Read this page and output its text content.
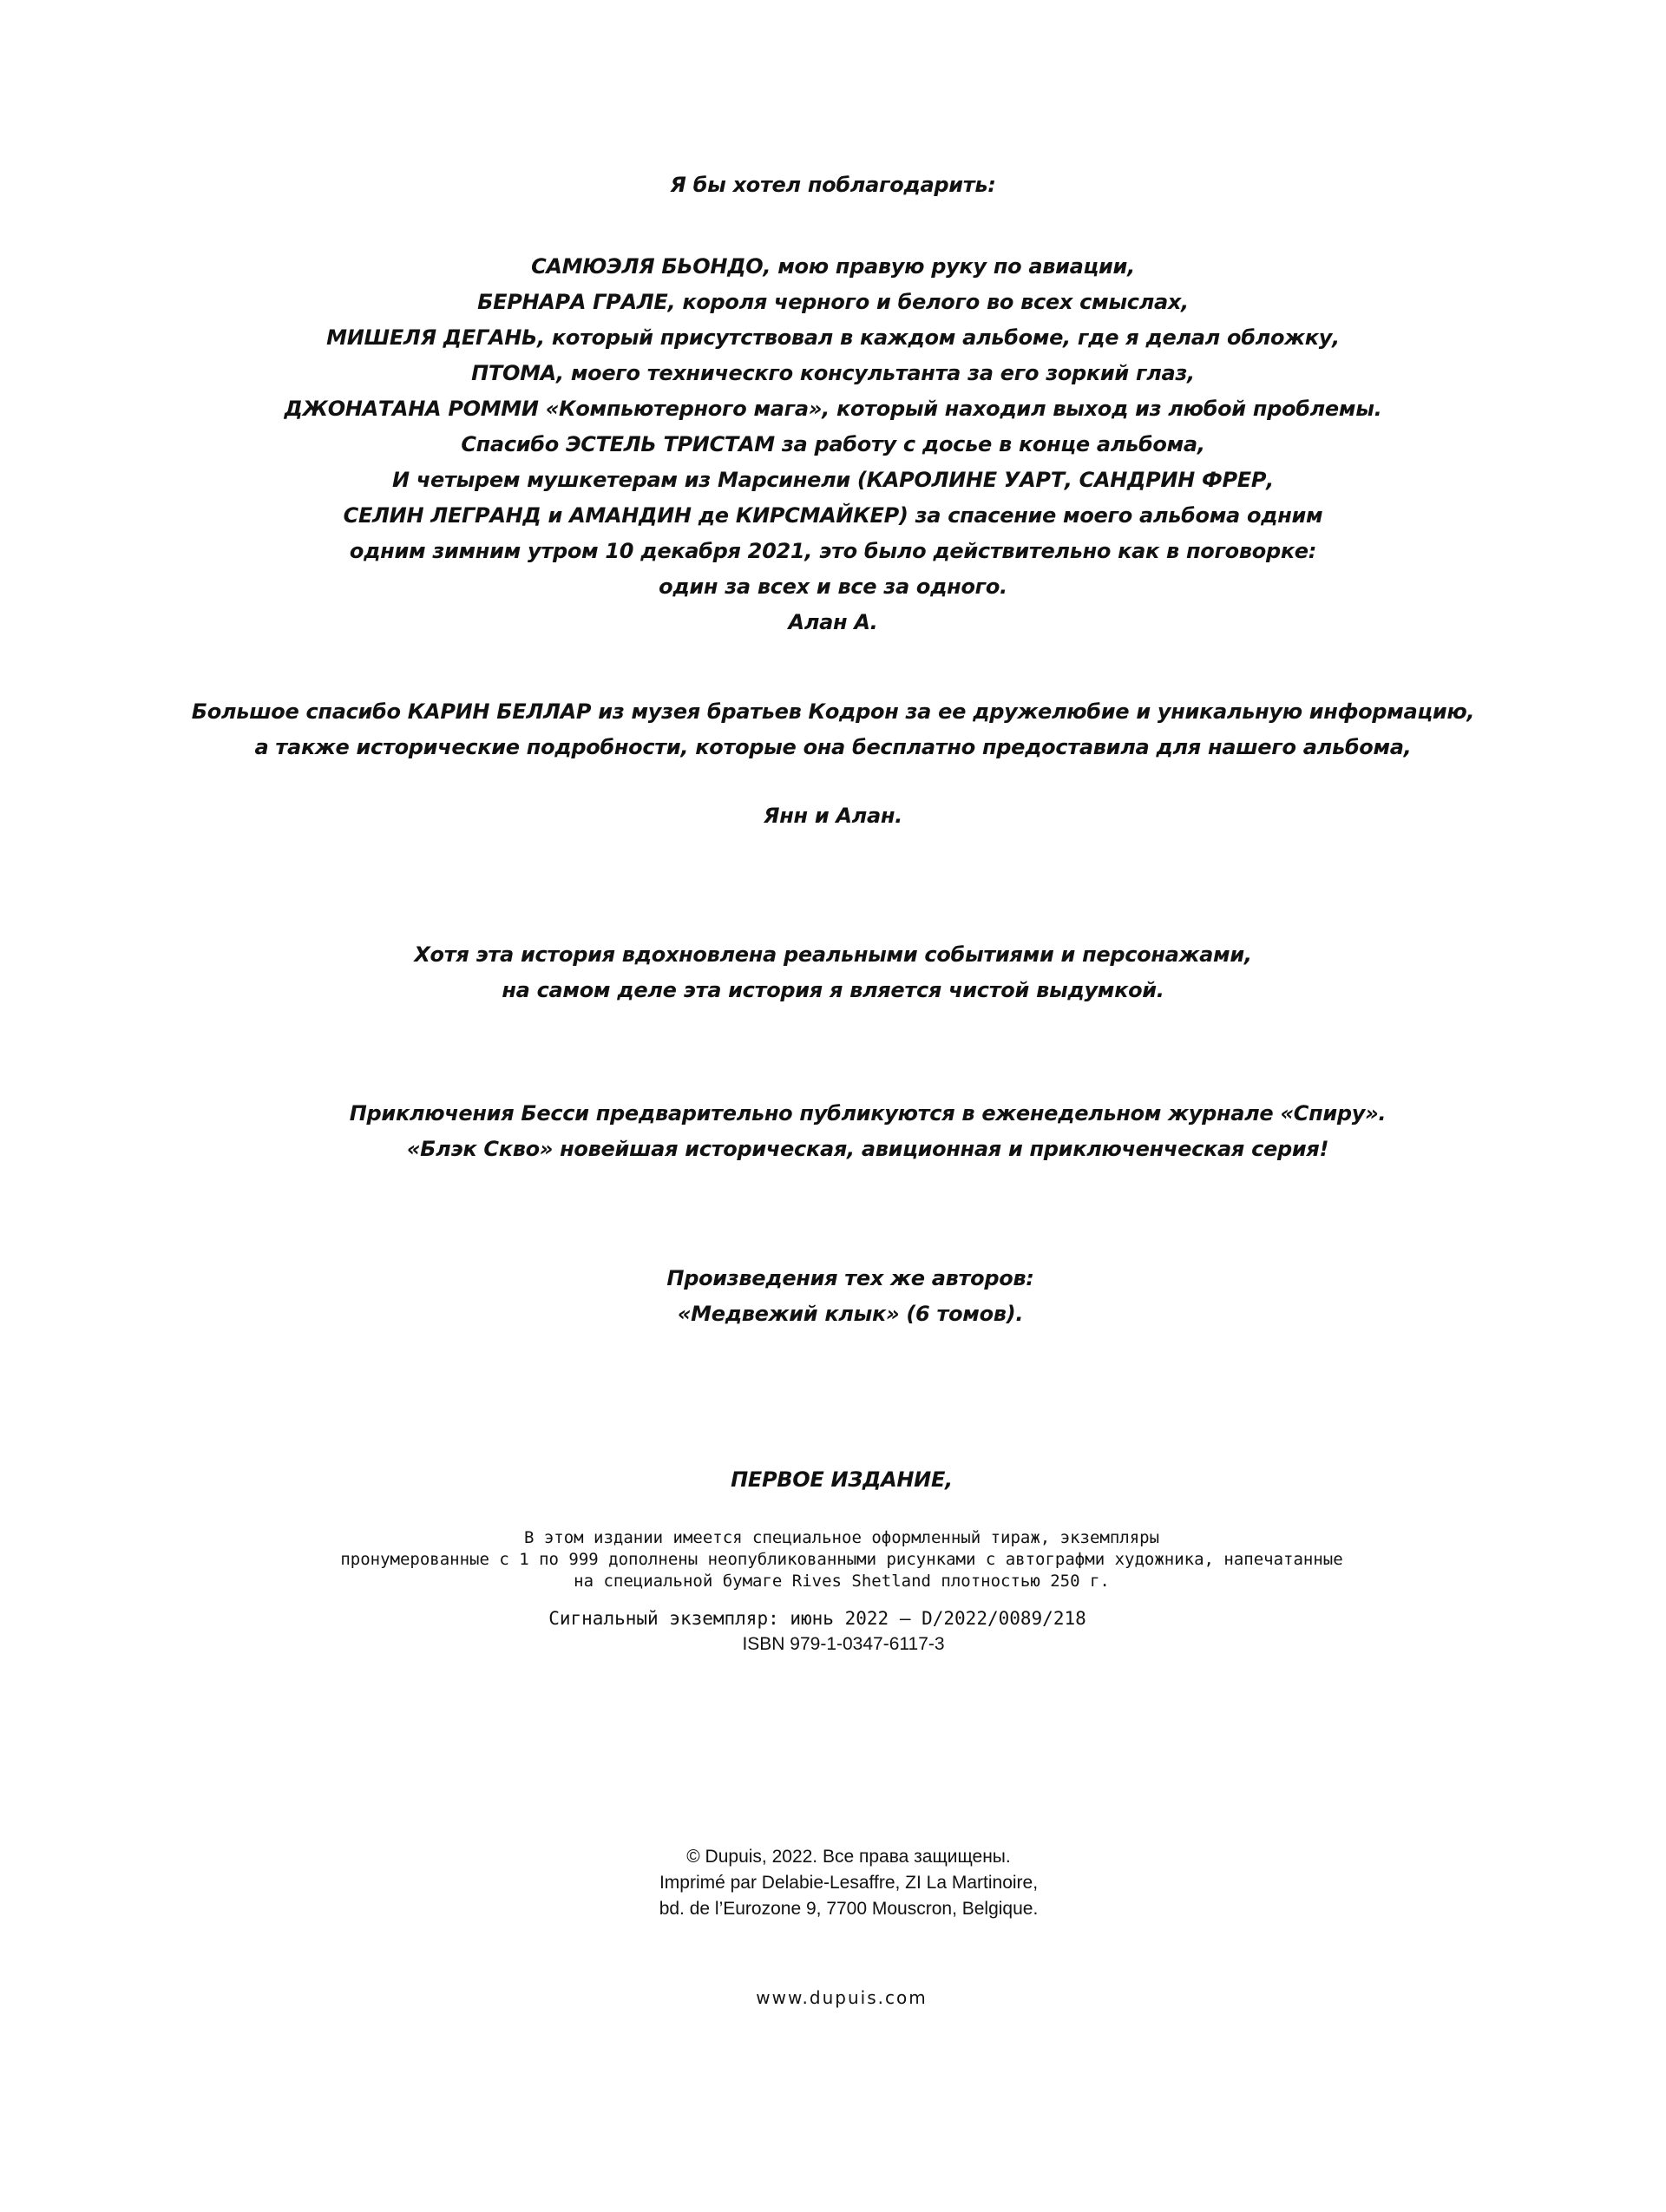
Я бы хотел поблагодарить:
САМЮЭЛЯ БЬОНДО, мою правую руку по авиации,
БЕРНАРА ГРАЛЕ, короля черного и белого во всех смыслах,
МИШЕЛЯ ДЕГАНЬ, который присутствовал в каждом альбоме, где я делал обложку,
ПТОМА, моего техническго консультанта за его зоркий глаз,
ДЖОНАТАНА РОММИ «Компьютерного мага», который находил выход из любой проблемы.
Спасибо ЭСТЕЛЬ ТРИСТАМ за работу с досье в конце альбома,
И четырем мушкетерам из Марсинели (КАРОЛИНЕ УАРТ, САНДРИН ФРЕР,
СЕЛИН ЛЕГРАНД и АМАНДИН де КИРСМАЙКЕР) за спасение моего альбома одним
одним зимним утром 10 декабря 2021, это было действительно как в поговорке:
один за всех и все за одного.
Алан А.
Большое спасибо КАРИН БЕЛЛАР из музея братьев Кодрон за ее дружелюбие и уникальную информацию,
а также исторические подробности, которые она бесплатно предоставила для нашего альбома,
Янн и Алан.
Хотя эта история вдохновлена реальными событиями и персонажами,
на самом деле эта история я вляется чистой выдумкой.
Приключения Бесси предварительно публикуются в еженедельном журнале «Спиру».
«Блэк Скво» новейшая историческая, авиционная и приключенческая серия!
Произведения тех же авторов:
«Медвежий клык» (6 томов).
ПЕРВОЕ ИЗДАНИЕ,
В этом издании имеется специальное оформленный тираж, экземпляры
пронумерованные с 1 по 999 дополнены неопубликованными рисунками с автографми художника, напечатанные
на специальной бумаге Rives Shetland плотностью 250 г.
Сигнальный экземпляр: июнь 2022 – D/2022/0089/218
ISBN 979-1-0347-6117-3
© Dupuis, 2022. Все права защищены.
Imprimé par Delabie-Lesaffre, ZI La Martinoire,
bd. de l’Eurozone 9, 7700 Mouscron, Belgique.
www.dupuis.com
